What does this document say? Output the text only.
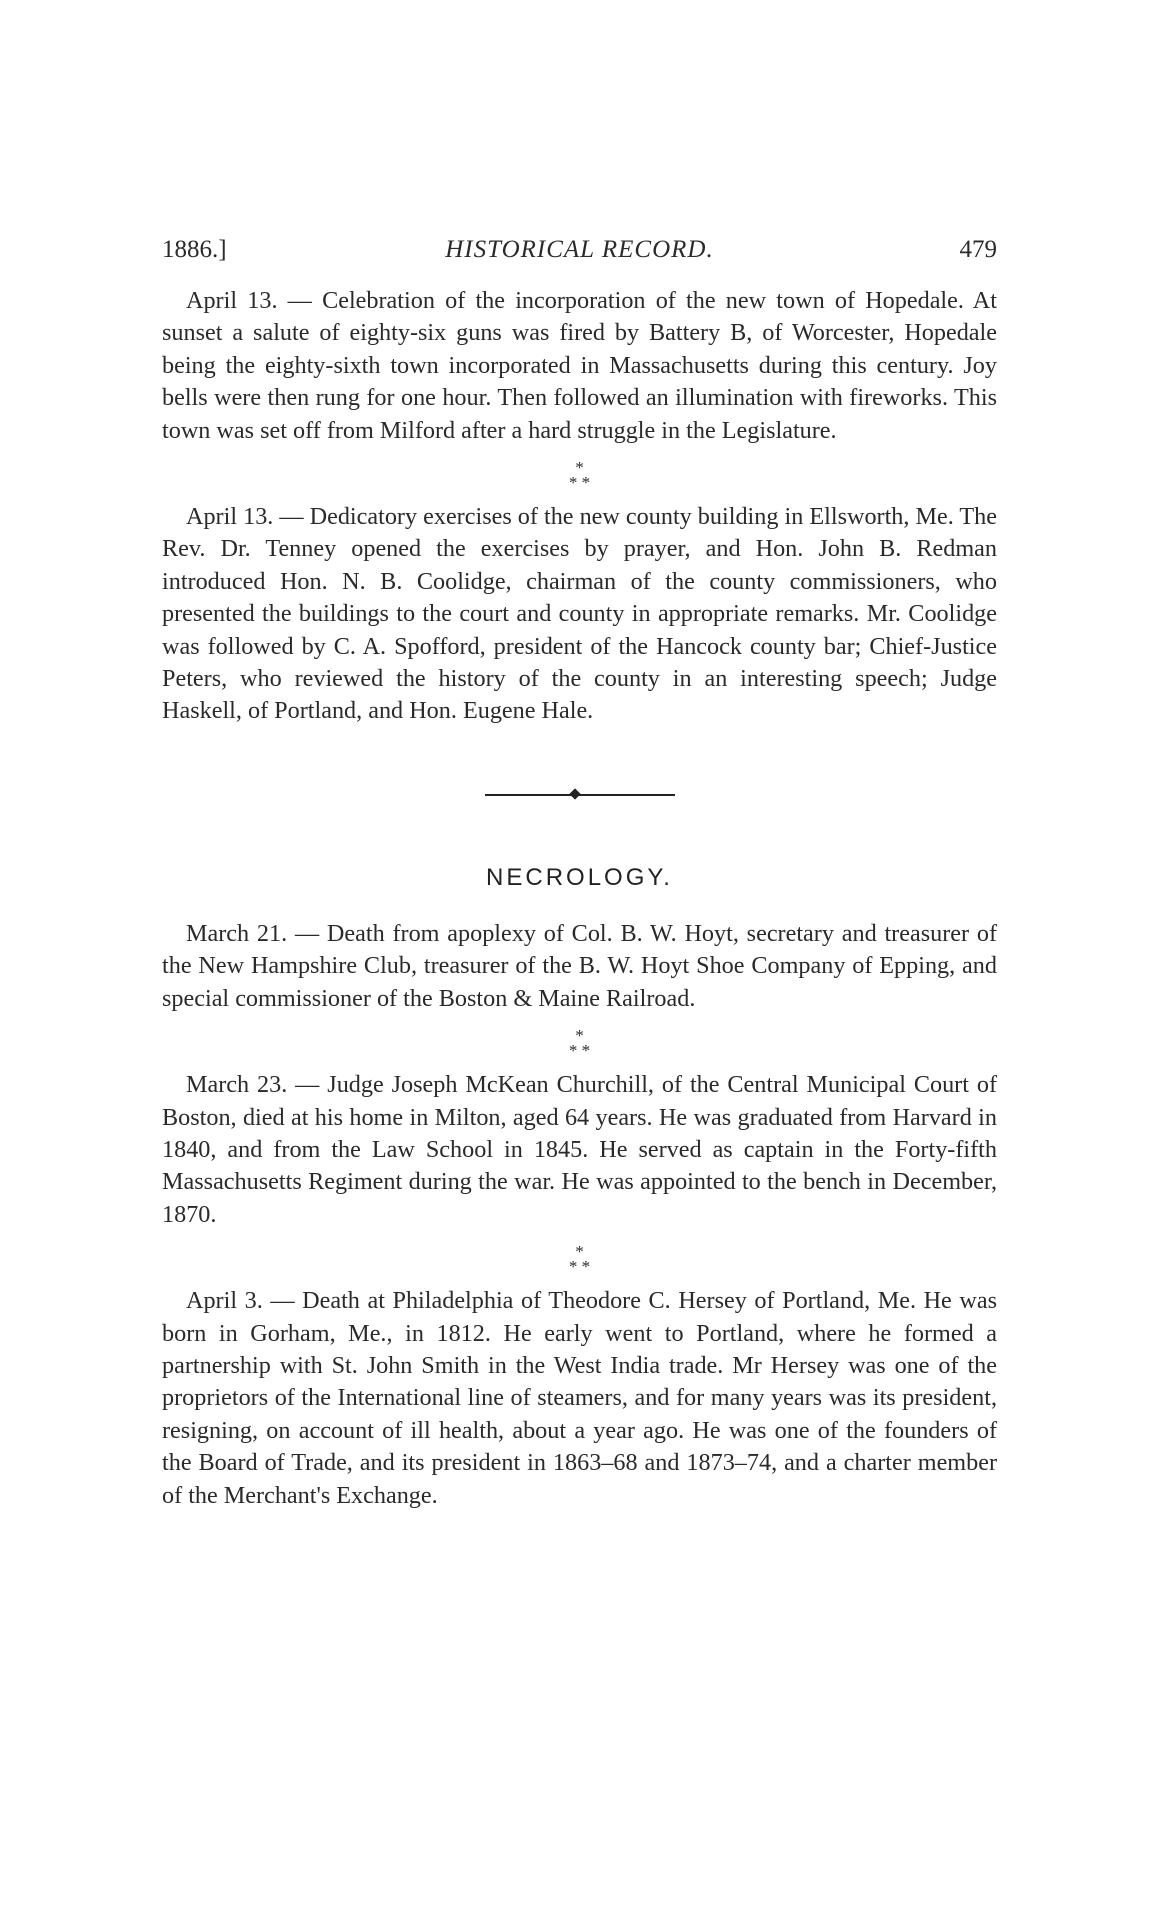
1886.]	HISTORICAL RECORD.	479

April 13. — Celebration of the incorporation of the new town of Hopedale. At sunset a salute of eighty-six guns was fired by Battery B, of Worcester, Hopedale being the eighty-sixth town incorporated in Massachusetts during this century. Joy bells were then rung for one hour. Then followed an illumination with fireworks. This town was set off from Milford after a hard struggle in the Legislature.

*
* *

April 13. — Dedicatory exercises of the new county building in Ellsworth, Me. The Rev. Dr. Tenney opened the exercises by prayer, and Hon. John B. Redman introduced Hon. N. B. Coolidge, chairman of the county commissioners, who presented the buildings to the court and county in appropriate remarks. Mr. Coolidge was followed by C. A. Spofford, president of the Hancock county bar; Chief-Justice Peters, who reviewed the history of the county in an interesting speech; Judge Haskell, of Portland, and Hon. Eugene Hale.

NECROLOGY.

March 21. — Death from apoplexy of Col. B. W. Hoyt, secretary and treasurer of the New Hampshire Club, treasurer of the B. W. Hoyt Shoe Company of Epping, and special commissioner of the Boston & Maine Railroad.

*
* *

March 23. — Judge Joseph McKean Churchill, of the Central Municipal Court of Boston, died at his home in Milton, aged 64 years. He was graduated from Harvard in 1840, and from the Law School in 1845. He served as captain in the Forty-fifth Massachusetts Regiment during the war. He was appointed to the bench in December, 1870.

*
* *

April 3. — Death at Philadelphia of Theodore C. Hersey of Portland, Me. He was born in Gorham, Me., in 1812. He early went to Portland, where he formed a partnership with St. John Smith in the West India trade. Mr Hersey was one of the proprietors of the International line of steamers, and for many years was its president, resigning, on account of ill health, about a year ago. He was one of the founders of the Board of Trade, and its president in 1863–68 and 1873–74, and a charter member of the Merchant's Exchange.
